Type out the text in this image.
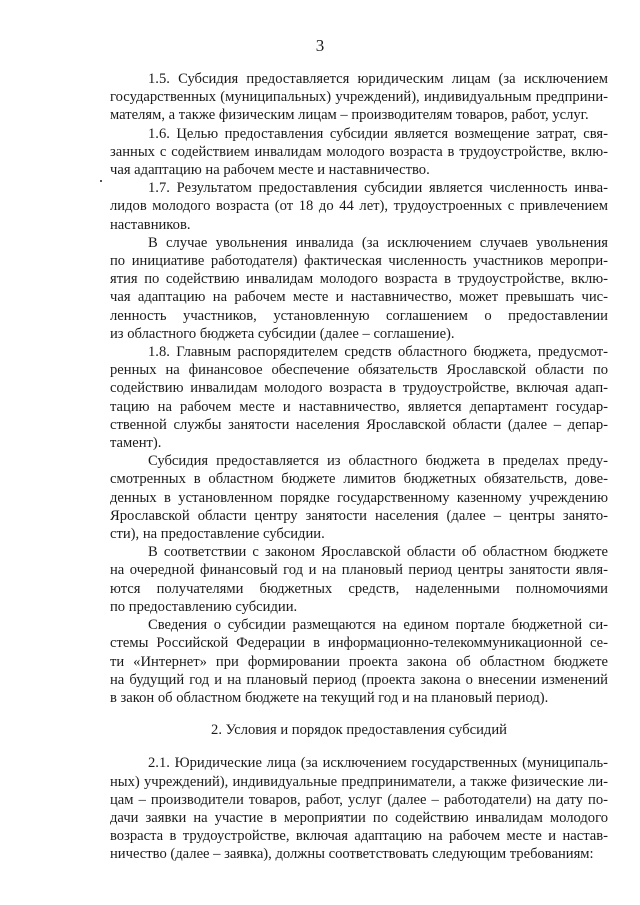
3

1.5. Субсидия предоставляется юридическим лицам (за исключением
государственных (муниципальных) учреждений), индивидуальным предприни-
мателям, а также физическим лицам – производителям товаров, работ, услуг.

1.6. Целью предоставления субсидии является возмещение затрат, свя-
занных с содействием инвалидам молодого возраста в трудоустройстве, вклю-
чая адаптацию на рабочем месте и наставничество.

1.7. Результатом предоставления субсидии является численность инва-
лидов молодого возраста (от 18 до 44 лет), трудоустроенных с привлечением
наставников.

В случае увольнения инвалида (за исключением случаев увольнения
по инициативе работодателя) фактическая численность участников меропри-
ятия по содействию инвалидам молодого возраста в трудоустройстве, вклю-
чая адаптацию на рабочем месте и наставничество, может превышать чис-
ленность участников, установленную соглашением о предоставлении
из областного бюджета субсидии (далее – соглашение).

1.8. Главным распорядителем средств областного бюджета, предусмот-
ренных на финансовое обеспечение обязательств Ярославской области по
содействию инвалидам молодого возраста в трудоустройстве, включая адап-
тацию на рабочем месте и наставничество, является департамент государ-
ственной службы занятости населения Ярославской области (далее – депар-
тамент).

Субсидия предоставляется из областного бюджета в пределах преду-
смотренных в областном бюджете лимитов бюджетных обязательств, дове-
денных в установленном порядке государственному казенному учреждению
Ярославской области центру занятости населения (далее – центры занято-
сти), на предоставление субсидии.

В соответствии с законом Ярославской области об областном бюджете
на очередной финансовый год и на плановый период центры занятости явля-
ются получателями бюджетных средств, наделенными полномочиями
по предоставлению субсидии.

Сведения о субсидии размещаются на едином портале бюджетной си-
стемы Российской Федерации в информационно-телекоммуникационной се-
ти «Интернет» при формировании проекта закона об областном бюджете
на будущий год и на плановый период (проекта закона о внесении изменений
в закон об областном бюджете на текущий год и на плановый период).

2. Условия и порядок предоставления субсидий

2.1. Юридические лица (за исключением государственных (муниципаль-
ных) учреждений), индивидуальные предприниматели, а также физические ли-
цам – производители товаров, работ, услуг (далее – работодатели) на дату по-
дачи заявки на участие в мероприятии по содействию инвалидам молодого
возраста в трудоустройстве, включая адаптацию на рабочем месте и настав-
ничество (далее – заявка), должны соответствовать следующим требованиям:
